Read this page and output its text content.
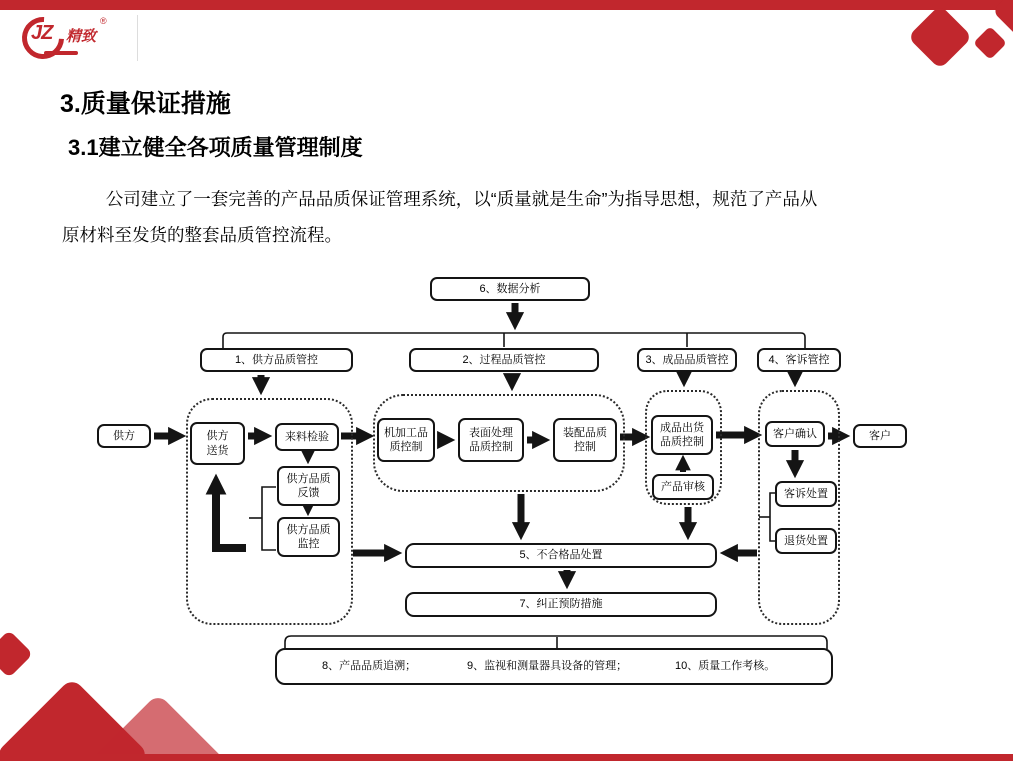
JZ 精致
®
3.质量保证措施
3.1建立健全各项质量管理制度
公司建立了一套完善的产品品质保证管理系统，以“质量就是生命”为指导思想，规范了产品从
原材料至发货的整套品质管控流程。
6、数据分析
1、供方品质管控	2、过程品质管控	3、成品品质管控	4、客诉管控
供方	供方送货
来料检验
供方品质反馈
供方品质监控
机加工品质控制
表面处理品质控制
装配品质控制
成品出货品质控制
产品审核
客户确认	客户
客诉处置
退货处置
5、不合格品处置
7、纠正预防措施
8、产品品质追溯；	9、监视和测量器具设备的管理；	10、质量工作考核。
